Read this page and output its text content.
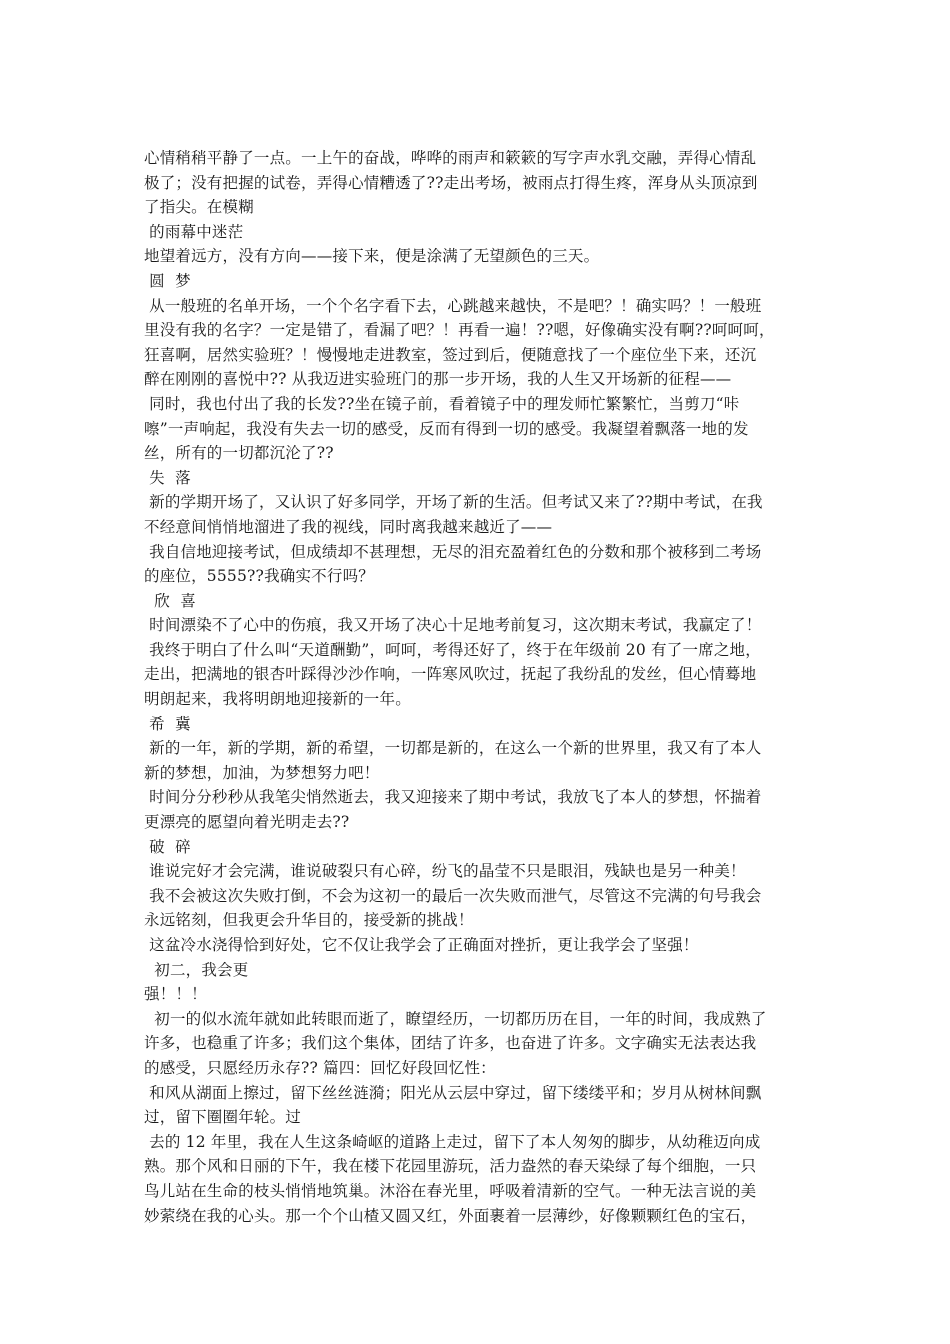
心情稍稍平静了一点。一上午的奋战，哗哗的雨声和簌簌的写字声水乳交融，弄得心情乱
极了；没有把握的试卷，弄得心情糟透了??走出考场，被雨点打得生疼，浑身从头顶凉到
了指尖。在模糊
的雨幕中迷茫
地望着远方，没有方向——接下来，便是涂满了无望颜色的三天。
圆  梦
从一般班的名单开场，一个个名字看下去，心跳越来越快，不是吧？！确实吗？！一般班
里没有我的名字？一定是错了，看漏了吧？！再看一遍！??嗯，好像确实没有啊??呵呵呵，
狂喜啊，居然实验班？！慢慢地走进教室，签过到后，便随意找了一个座位坐下来，还沉
醉在刚刚的喜悦中?? 从我迈进实验班门的那一步开场，我的人生又开场新的征程——
同时，我也付出了我的长发??坐在镜子前，看着镜子中的理发师忙繁繁忙，当剪刀“咔
嚓”一声响起，我没有失去一切的感受，反而有得到一切的感受。我凝望着飘落一地的发
丝，所有的一切都沉沦了??
失  落
新的学期开场了，又认识了好多同学，开场了新的生活。但考试又来了??期中考试，在我
不经意间悄悄地溜进了我的视线，同时离我越来越近了——
我自信地迎接考试，但成绩却不甚理想，无尽的泪充盈着红色的分数和那个被移到二考场
的座位，5555??我确实不行吗？
欣  喜
时间漂染不了心中的伤痕，我又开场了决心十足地考前复习，这次期末考试，我赢定了！
我终于明白了什么叫“天道酬勤”，呵呵，考得还好了，终于在年级前 20 有了一席之地，
走出，把满地的银杏叶踩得沙沙作响，一阵寒风吹过，抚起了我纷乱的发丝，但心情蓦地
明朗起来，我将明朗地迎接新的一年。
希  冀
新的一年，新的学期，新的希望，一切都是新的，在这么一个新的世界里，我又有了本人
新的梦想，加油，为梦想努力吧！
时间分分秒秒从我笔尖悄然逝去，我又迎接来了期中考试，我放飞了本人的梦想，怀揣着
更漂亮的愿望向着光明走去??
破  碎
谁说完好才会完满，谁说破裂只有心碎，纷飞的晶莹不只是眼泪，残缺也是另一种美！
我不会被这次失败打倒，不会为这初一的最后一次失败而泄气，尽管这不完满的句号我会
永远铭刻，但我更会升华目的，接受新的挑战！
这盆冷水浇得恰到好处，它不仅让我学会了正确面对挫折，更让我学会了坚强！
初二，我会更
强！！！
初一的似水流年就如此转眼而逝了，瞭望经历，一切都历历在目，一年的时间，我成熟了
许多，也稳重了许多；我们这个集体，团结了许多，也奋进了许多。文字确实无法表达我
的感受，只愿经历永存?? 篇四：回忆好段回忆性：
和风从湖面上擦过，留下丝丝涟漪；阳光从云层中穿过，留下缕缕平和；岁月从树林间飘
过，留下圈圈年轮。过
去的 12 年里，我在人生这条崎岖的道路上走过，留下了本人匆匆的脚步，从幼稚迈向成
熟。那个风和日丽的下午，我在楼下花园里游玩，活力盎然的春天染绿了每个细胞，一只
鸟儿站在生命的枝头悄悄地筑巢。沐浴在春光里，呼吸着清新的空气。一种无法言说的美
妙萦绕在我的心头。那一个个山楂又圆又红，外面裹着一层薄纱，好像颗颗红色的宝石，
